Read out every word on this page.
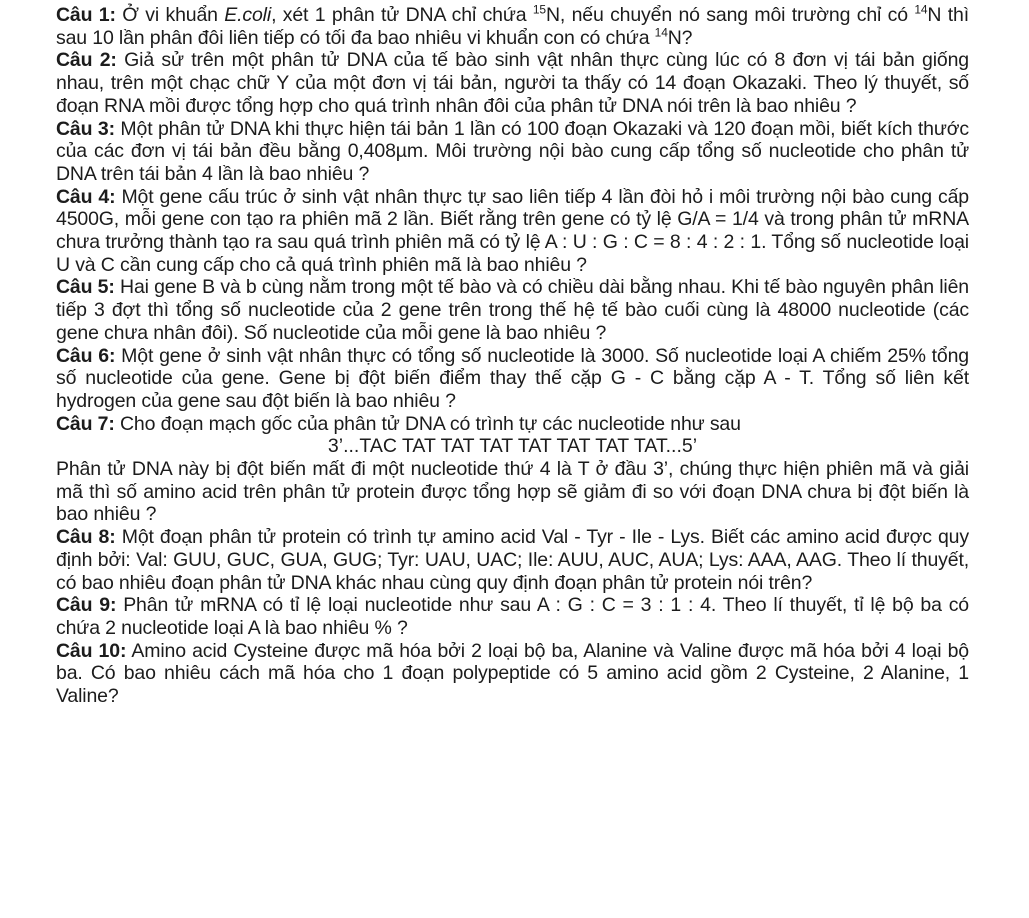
Câu 1: Ở vi khuẩn E.coli, xét 1 phân tử DNA chỉ chứa $^{15}$N, nếu chuyển nó sang môi trường chỉ có $^{14}$N thì sau 10 lần phân đôi liên tiếp có tối đa bao nhiêu vi khuẩn con có chứa $^{14}$N?

Câu 2: Giả sử trên một phân tử DNA của tế bào sinh vật nhân thực cùng lúc có 8 đơn vị tái bản giống nhau, trên một chạc chữ Y của một đơn vị tái bản, người ta thấy có 14 đoạn Okazaki. Theo lý thuyết, số đoạn RNA mồi được tổng hợp cho quá trình nhân đôi của phân tử DNA nói trên là bao nhiêu ?

Câu 3: Một phân tử DNA khi thực hiện tái bản 1 lần có 100 đoạn Okazaki và 120 đoạn mồi, biết kích thước của các đơn vị tái bản đều bằng 0,408µm. Môi trường nội bào cung cấp tổng số nucleotide cho phân tử DNA trên tái bản 4 lần là bao nhiêu ?

Câu 4: Một gene cấu trúc ở sinh vật nhân thực tự sao liên tiếp 4 lần đòi hỏ i môi trường nội bào cung cấp 4500G, mỗi gene con tạo ra phiên mã 2 lần. Biết rằng trên gene có tỷ lệ G/A = 1/4 và trong phân tử mRNA chưa trưởng thành tạo ra sau quá trình phiên mã có tỷ lệ A : U : G : C = 8 : 4 : 2 : 1. Tổng số nucleotide loại U và C cần cung cấp cho cả quá trình phiên mã là bao nhiêu ?

Câu 5: Hai gene B và b cùng nằm trong một tế bào và có chiều dài bằng nhau. Khi tế bào nguyên phân liên tiếp 3 đợt thì tổng số nucleotide của 2 gene trên trong thế hệ tế bào cuối cùng là 48000 nucleotide (các gene chưa nhân đôi). Số nucleotide của mỗi gene là bao nhiêu ?

Câu 6: Một gene ở sinh vật nhân thực có tổng số nucleotide là 3000. Số nucleotide loại A chiếm 25% tổng số nucleotide của gene. Gene bị đột biến điểm thay thế cặp G - C bằng cặp A - T. Tổng số liên kết hydrogen của gene sau đột biến là bao nhiêu ?

Câu 7: Cho đoạn mạch gốc của phân tử DNA có trình tự các nucleotide như sau

3’...TAC TAT TAT TAT TAT TAT TAT TAT...5’

Phân tử DNA này bị đột biến mất đi một nucleotide thứ 4 là T ở đầu 3’, chúng thực hiện phiên mã và giải mã thì số amino acid trên phân tử protein được tổng hợp sẽ giảm đi so với đoạn DNA chưa bị đột biến là bao nhiêu ?

Câu 8: Một đoạn phân tử protein có trình tự amino acid Val - Tyr - Ile - Lys. Biết các amino acid được quy định bởi: Val: GUU, GUC, GUA, GUG; Tyr: UAU, UAC; Ile: AUU, AUC, AUA; Lys: AAA, AAG. Theo lí thuyết, có bao nhiêu đoạn phân tử DNA khác nhau cùng quy định đoạn phân tử protein nói trên?

Câu 9: Phân tử mRNA có tỉ lệ loại nucleotide như sau A : G : C = 3 : 1 : 4. Theo lí thuyết, tỉ lệ bộ ba có chứa 2 nucleotide loại A là bao nhiêu % ?

Câu 10: Amino acid Cysteine được mã hóa bởi 2 loại bộ ba, Alanine và Valine được mã hóa bởi 4 loại bộ ba. Có bao nhiêu cách mã hóa cho 1 đoạn polypeptide có 5 amino acid gồm 2 Cysteine, 2 Alanine, 1 Valine?
